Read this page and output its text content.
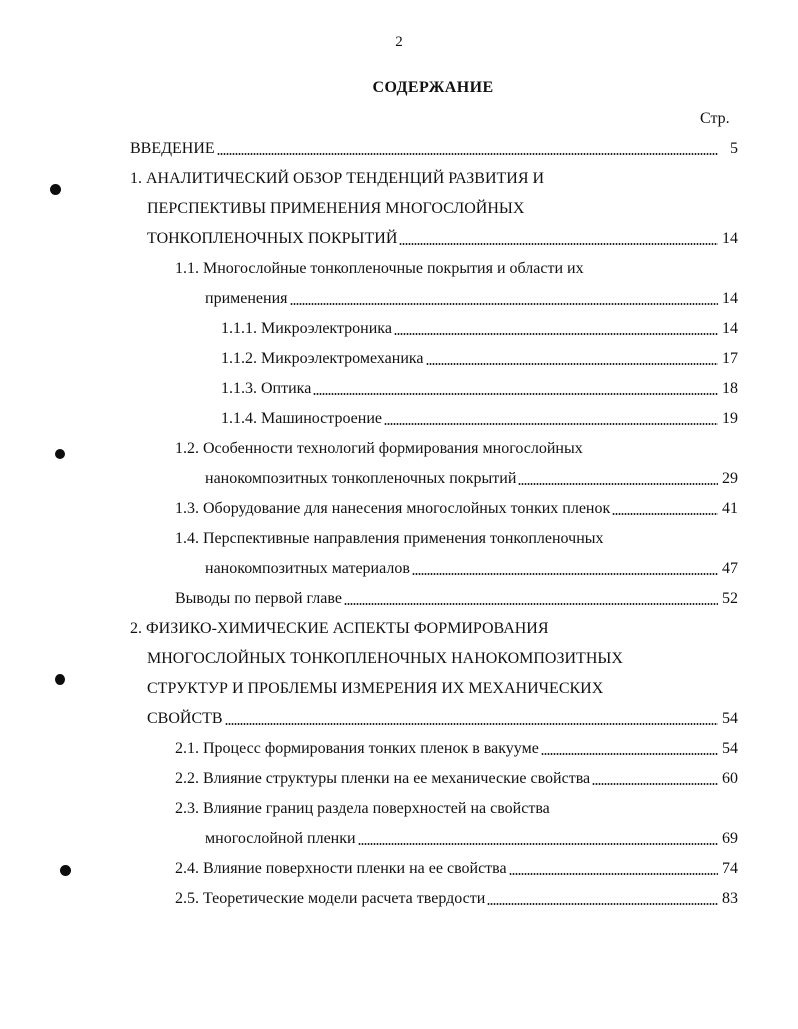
2
СОДЕРЖАНИЕ
Стр.
ВВЕДЕНИЕ	5
1. АНАЛИТИЧЕСКИЙ ОБЗОР ТЕНДЕНЦИЙ РАЗВИТИЯ И
ПЕРСПЕКТИВЫ ПРИМЕНЕНИЯ МНОГОСЛОЙНЫХ
ТОНКОПЛЕНОЧНЫХ ПОКРЫТИЙ	14
1.1. Многослойные тонкопленочные покрытия и области их
применения	14
1.1.1. Микроэлектроника	14
1.1.2. Микроэлектромеханика	17
1.1.3. Оптика	18
1.1.4. Машиностроение	19
1.2. Особенности технологий формирования многослойных
нанокомпозитных тонкопленочных покрытий	29
1.3. Оборудование для нанесения многослойных тонких пленок	41
1.4. Перспективные направления применения тонкопленочных
нанокомпозитных материалов	47
Выводы по первой главе	52
2. ФИЗИКО-ХИМИЧЕСКИЕ АСПЕКТЫ ФОРМИРОВАНИЯ
МНОГОСЛОЙНЫХ ТОНКОПЛЕНОЧНЫХ НАНОКОМПОЗИТНЫХ
СТРУКТУР И ПРОБЛЕМЫ ИЗМЕРЕНИЯ ИХ МЕХАНИЧЕСКИХ
СВОЙСТВ	54
2.1. Процесс формирования тонких пленок в вакууме	54
2.2. Влияние структуры пленки на ее механические свойства	60
2.3. Влияние границ раздела поверхностей на свойства
многослойной пленки	69
2.4. Влияние поверхности пленки на ее свойства	74
2.5. Теоретические модели расчета твердости	83
